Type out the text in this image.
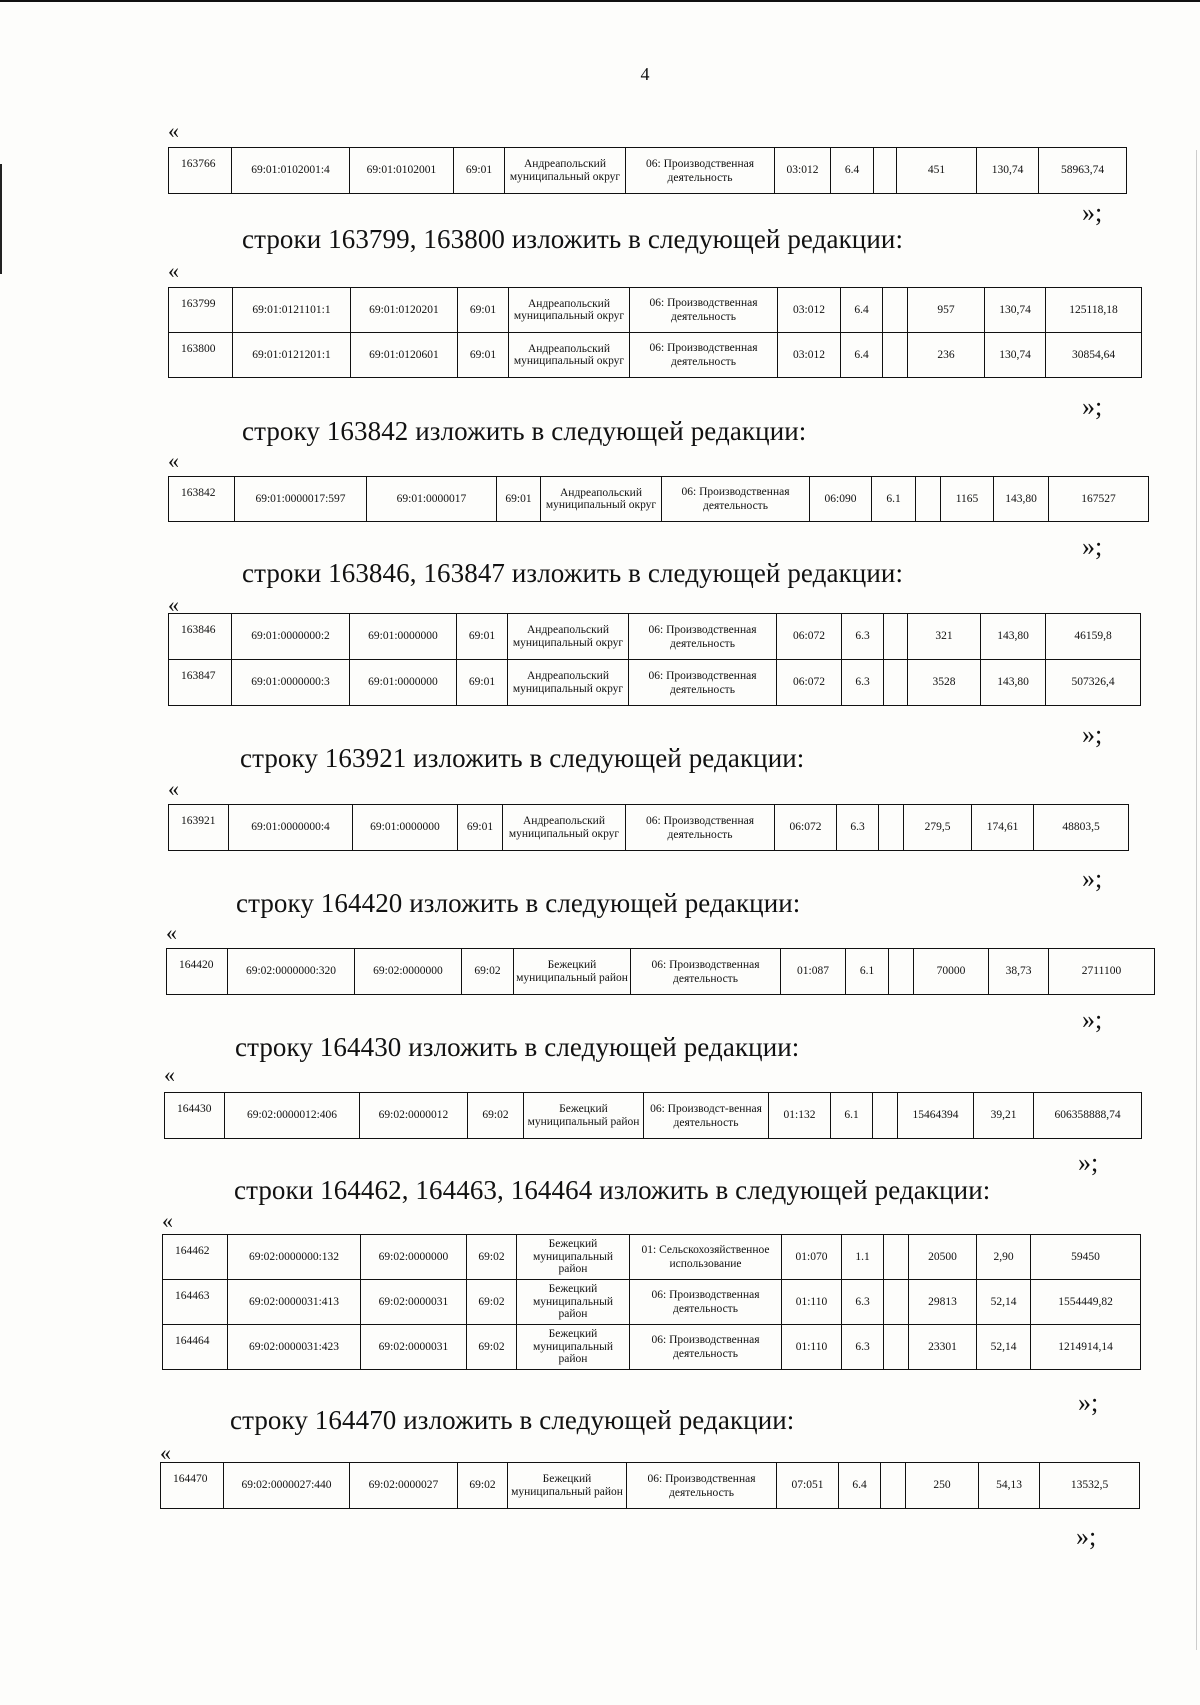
4
«
163766	69:01:0102001:4	69:01:0102001	69:01	Андреапольский муниципальный округ	06: Производственная деятельность	03:012	6.4		451	130,74	58963,74
»;
строки 163799, 163800 изложить в следующей редакции:
«
163799	69:01:0121101:1	69:01:0120201	69:01	Андреапольский муниципальный округ	06: Производственная деятельность	03:012	6.4		957	130,74	125118,18
163800	69:01:0121201:1	69:01:0120601	69:01	Андреапольский муниципальный округ	06: Производственная деятельность	03:012	6.4		236	130,74	30854,64
»;
строку 163842 изложить в следующей редакции:
«
163842	69:01:0000017:597	69:01:0000017	69:01	Андреапольский муниципальный округ	06: Производственная деятельность	06:090	6.1		1165	143,80	167527
»;
строки 163846, 163847 изложить в следующей редакции:
«
163846	69:01:0000000:2	69:01:0000000	69:01	Андреапольский муниципальный округ	06: Производственная деятельность	06:072	6.3		321	143,80	46159,8
163847	69:01:0000000:3	69:01:0000000	69:01	Андреапольский муниципальный округ	06: Производственная деятельность	06:072	6.3		3528	143,80	507326,4
»;
строку 163921 изложить в следующей редакции:
«
163921	69:01:0000000:4	69:01:0000000	69:01	Андреапольский муниципальный округ	06: Производственная деятельность	06:072	6.3		279,5	174,61	48803,5
»;
строку 164420 изложить в следующей редакции:
«
164420	69:02:0000000:320	69:02:0000000	69:02	Бежецкий муниципальный район	06: Производственная деятельность	01:087	6.1		70000	38,73	2711100
»;
строку 164430 изложить в следующей редакции:
«
164430	69:02:0000012:406	69:02:0000012	69:02	Бежецкий муниципальный район	06: Производст-венная деятельность	01:132	6.1		15464394	39,21	606358888,74
»;
строки 164462, 164463, 164464 изложить в следующей редакции:
«
164462	69:02:0000000:132	69:02:0000000	69:02	Бежецкий муниципальный район	01: Сельскохозяйственное использование	01:070	1.1		20500	2,90	59450
164463	69:02:0000031:413	69:02:0000031	69:02	Бежецкий муниципальный район	06: Производственная деятельность	01:110	6.3		29813	52,14	1554449,82
164464	69:02:0000031:423	69:02:0000031	69:02	Бежецкий муниципальный район	06: Производственная деятельность	01:110	6.3		23301	52,14	1214914,14
»;
строку 164470 изложить в следующей редакции:
«
164470	69:02:0000027:440	69:02:0000027	69:02	Бежецкий муниципальный район	06: Производственная деятельность	07:051	6.4		250	54,13	13532,5
»;
